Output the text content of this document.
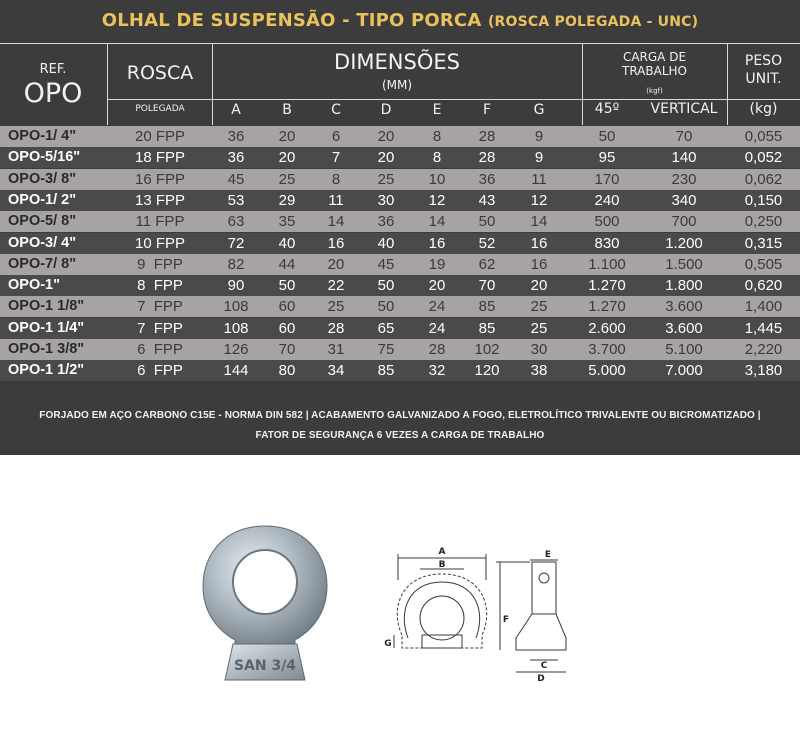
OLHAL DE SUSPENSÃO - TIPO PORCA (ROSCA POLEGADA - UNC)
REF.
OPO
ROSCA
POLEGADA
DIMENSÕES
(MM)
CARGA DE
TRABALHO
(kgf)
PESO
UNIT.
A	B	C	D	E	F	G	45º	VERTICAL	(kg)
OPO-1/ 4"	20 FPP	36	20	6	20	8	28	9	50	70	0,055
OPO-5/16"	18 FPP	36	20	7	20	8	28	9	95	140	0,052
OPO-3/ 8"	16 FPP	45	25	8	25	10	36	11	170	230	0,062
OPO-1/ 2"	13 FPP	53	29	11	30	12	43	12	240	340	0,150
OPO-5/ 8"	11 FPP	63	35	14	36	14	50	14	500	700	0,250
OPO-3/ 4"	10 FPP	72	40	16	40	16	52	16	830	1.200	0,315
OPO-7/ 8"	9  FPP	82	44	20	45	19	62	16	1.100	1.500	0,505
OPO-1"	8  FPP	90	50	22	50	20	70	20	1.270	1.800	0,620
OPO-1 1/8"	7  FPP	108	60	25	50	24	85	25	1.270	3.600	1,400
OPO-1 1/4"	7  FPP	108	60	28	65	24	85	25	2.600	3.600	1,445
OPO-1 3/8"	6  FPP	126	70	31	75	28	102	30	3.700	5.100	2,220
OPO-1 1/2"	6  FPP	144	80	34	85	32	120	38	5.000	7.000	3,180
FORJADO EM AÇO CARBONO C15E - NORMA DIN 582 | ACABAMENTO GALVANIZADO A FOGO, ELETROLÍTICO TRIVALENTE OU BICROMATIZADO |
FATOR DE SEGURANÇA 6 VEZES A CARGA DE TRABALHO
SAN 3/4
A
B
C
D
E
F
G
